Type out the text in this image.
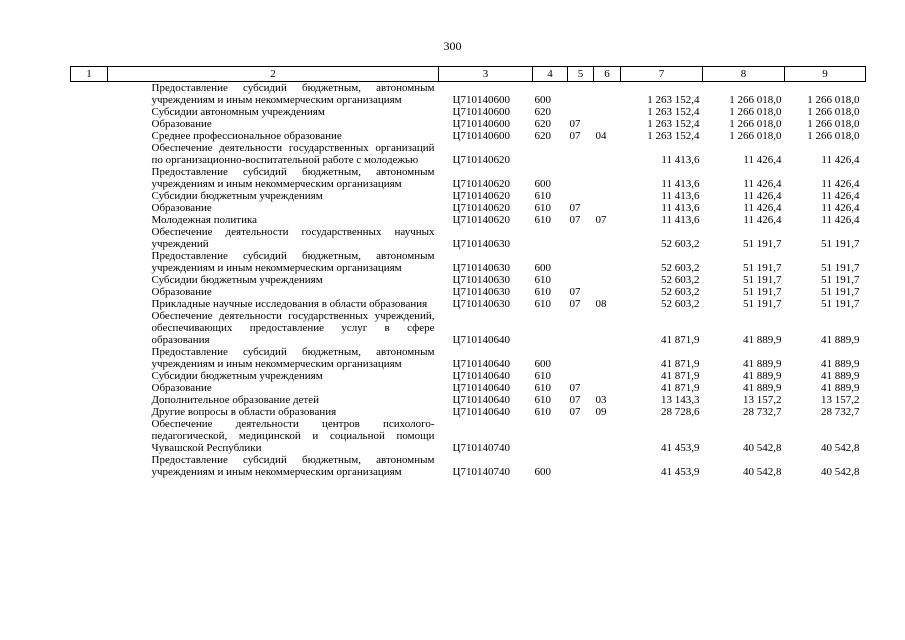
300
1	2	3	4	5	6	7	8	9
	Предоставление субсидий бюджетным, автономным учреждениям и иным некоммерческим организациям	Ц710140600	600			1 263 152,4	1 266 018,0	1 266 018,0
	Субсидии автономным учреждениям	Ц710140600	620			1 263 152,4	1 266 018,0	1 266 018,0
	Образование	Ц710140600	620	07		1 263 152,4	1 266 018,0	1 266 018,0
	Среднее профессиональное образование	Ц710140600	620	07	04	1 263 152,4	1 266 018,0	1 266 018,0
	Обеспечение деятельности государственных организаций по организационно-воспитательной работе с молодежью	Ц710140620				11 413,6	11 426,4	11 426,4
	Предоставление субсидий бюджетным, автономным учреждениям и иным некоммерческим организациям	Ц710140620	600			11 413,6	11 426,4	11 426,4
	Субсидии бюджетным учреждениям	Ц710140620	610			11 413,6	11 426,4	11 426,4
	Образование	Ц710140620	610	07		11 413,6	11 426,4	11 426,4
	Молодежная политика	Ц710140620	610	07	07	11 413,6	11 426,4	11 426,4
	Обеспечение деятельности государственных научных учреждений	Ц710140630				52 603,2	51 191,7	51 191,7
	Предоставление субсидий бюджетным, автономным учреждениям и иным некоммерческим организациям	Ц710140630	600			52 603,2	51 191,7	51 191,7
	Субсидии бюджетным учреждениям	Ц710140630	610			52 603,2	51 191,7	51 191,7
	Образование	Ц710140630	610	07		52 603,2	51 191,7	51 191,7
	Прикладные научные исследования в области образования	Ц710140630	610	07	08	52 603,2	51 191,7	51 191,7
	Обеспечение деятельности государственных учреждений, обеспечивающих предоставление услуг в сфере образования	Ц710140640				41 871,9	41 889,9	41 889,9
	Предоставление субсидий бюджетным, автономным учреждениям и иным некоммерческим организациям	Ц710140640	600			41 871,9	41 889,9	41 889,9
	Субсидии бюджетным учреждениям	Ц710140640	610			41 871,9	41 889,9	41 889,9
	Образование	Ц710140640	610	07		41 871,9	41 889,9	41 889,9
	Дополнительное образование детей	Ц710140640	610	07	03	13 143,3	13 157,2	13 157,2
	Другие вопросы в области образования	Ц710140640	610	07	09	28 728,6	28 732,7	28 732,7
	Обеспечение деятельности центров психолого-педагогической, медицинской и социальной помощи Чувашской Республики	Ц710140740				41 453,9	40 542,8	40 542,8
	Предоставление субсидий бюджетным, автономным учреждениям и иным некоммерческим организациям	Ц710140740	600			41 453,9	40 542,8	40 542,8
